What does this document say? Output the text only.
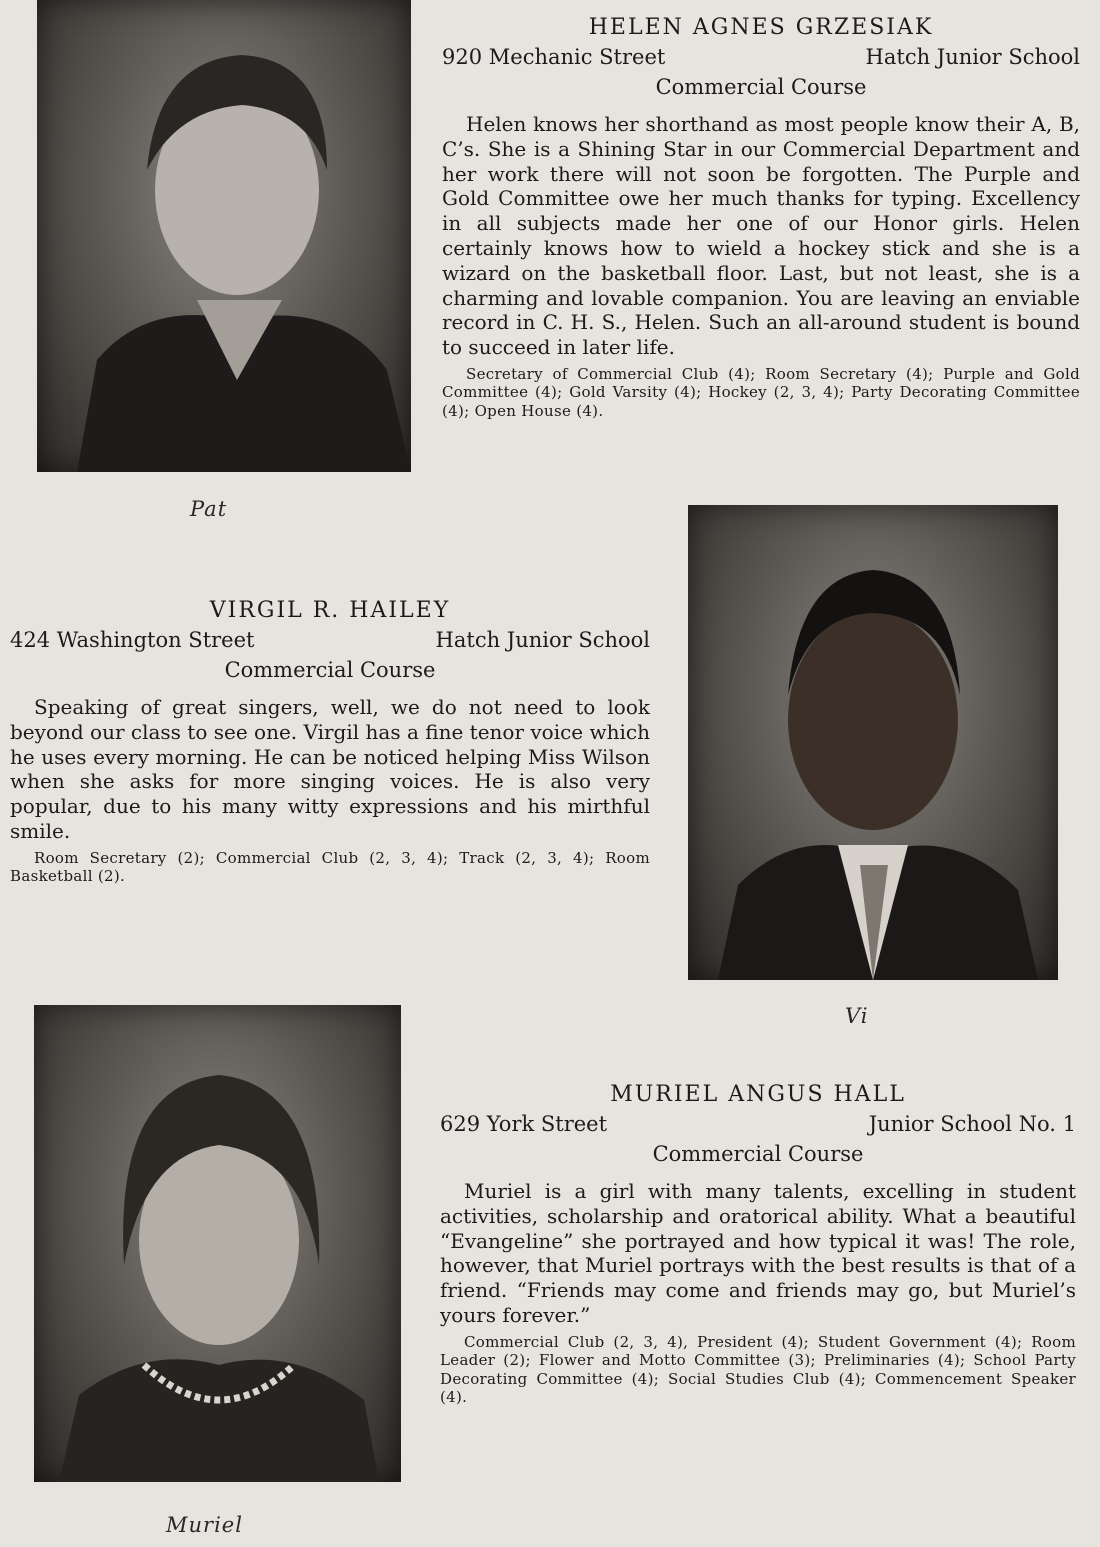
Pat
HELEN AGNES GRZESIAK
920 Mechanic Street	Hatch Junior School
Commercial Course
Helen knows her shorthand as most people know their A, B, C’s. She is a Shining Star in our Commercial Department and her work there will not soon be forgotten. The Purple and Gold Committee owe her much thanks for typing. Excellency in all subjects made her one of our Honor girls. Helen certainly knows how to wield a hockey stick and she is a wizard on the basketball floor. Last, but not least, she is a charming and lovable companion. You are leaving an enviable record in C. H. S., Helen. Such an all-around student is bound to succeed in later life.
Secretary of Commercial Club (4); Room Secretary (4); Purple and Gold Committee (4); Gold Varsity (4); Hockey (2, 3, 4); Party Decorating Committee (4); Open House (4).
Vi
VIRGIL R. HAILEY
424 Washington Street	Hatch Junior School
Commercial Course
Speaking of great singers, well, we do not need to look beyond our class to see one. Virgil has a fine tenor voice which he uses every morning. He can be noticed helping Miss Wilson when she asks for more singing voices. He is also very popular, due to his many witty expressions and his mirthful smile.
Room Secretary (2); Commercial Club (2, 3, 4); Track (2, 3, 4); Room Basketball (2).
Muriel
MURIEL ANGUS HALL
629 York Street	Junior School No. 1
Commercial Course
Muriel is a girl with many talents, excelling in student activities, scholarship and oratorical ability. What a beautiful “Evangeline” she portrayed and how typical it was! The role, however, that Muriel portrays with the best results is that of a friend. “Friends may come and friends may go, but Muriel’s yours forever.”
Commercial Club (2, 3, 4), President (4); Student Government (4); Room Leader (2); Flower and Motto Committee (3); Preliminaries (4); School Party Decorating Committee (4); Social Studies Club (4); Commencement Speaker (4).
